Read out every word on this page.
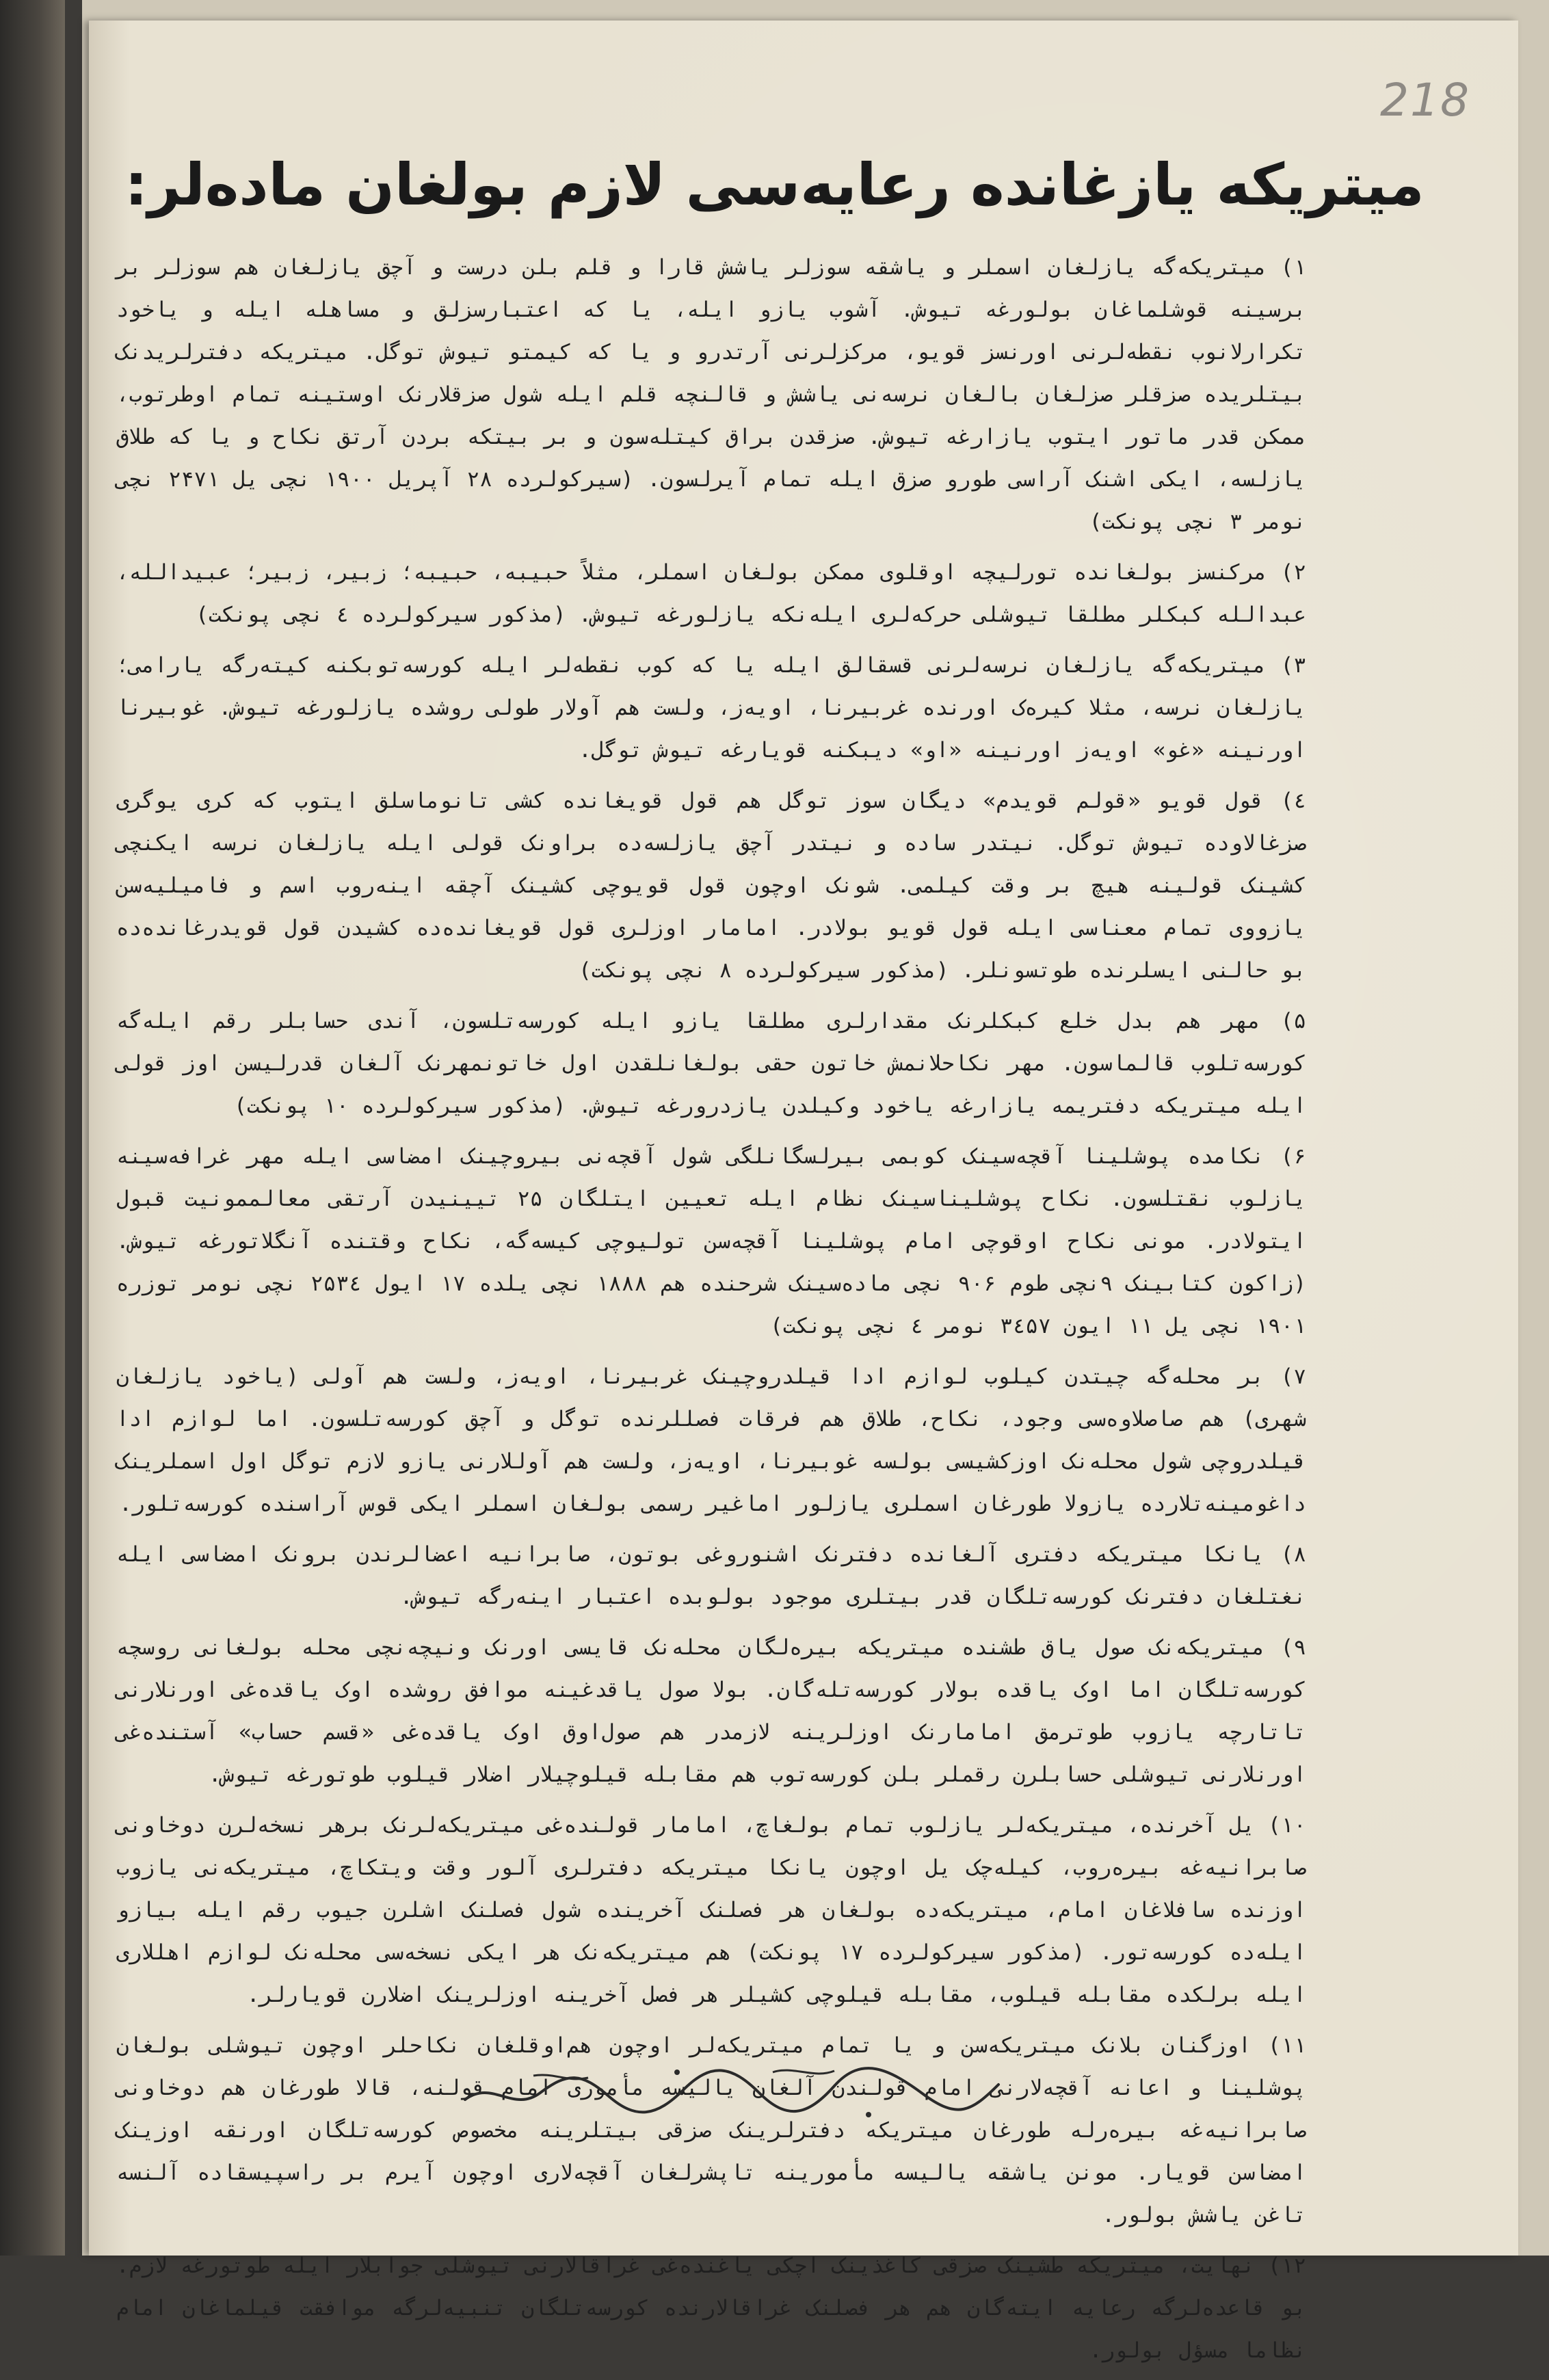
218
میتریکه یازغانده رعایه‌سی لازم بولغان ماده‌لر:

۱) میتریکه‌گه یازلغان اسملر و یاشقه سوزلر یاشش قارا و قلم بلن درست و آچق یازلغان هم سوزلر بر برسینه قوشلماغان بولورغه تیوش. آشوب یازو ایله، یا که اعتبارسزلق و مساهله ایله و یاخود تکرارلانوب نقطه‌لرنی اورنسز قویو، مرکزلرنی آرتدرو و یا که کیمتو تیوش توگل. میتریکه دفترلریدنک بیتلریده صزقلر صزلغان بالغان نرسه‌نی یاشش و قالنچه قلم ایله شول صزقلارنک اوستینه تمام اوطرتوب، ممکن قدر ماتور ایتوب یازارغه تیوش. صزقدن براق کیتله‌سون و بر بیتکه بردن آرتق نکاح و یا که طلاق یازلسه، ایکی اشنک آراسی طورو صزق ایله تمام آیرلسون. (سیرکولرده ۲۸ آپریل ۱۹۰۰ نچی یل ۲۴۷۱ نچی نومر ۳ نچی پونکت)

۲) مرکنسز بولغانده تورلیچه اوقلوی ممکن بولغان اسملر، مثلاً حبیبه، حبیبه؛ زبیر، زبیر؛ عبیدالله، عبدالله کبکلر مطلقا تیوشلی حرکه‌لری ایله‌نکه یازلورغه تیوش. (مذکور سیرکولرده ٤ نچی پونکت)

۳) میتریکه‌گه یازلغان نرسه‌لرنی قسقالق ایله یا که کوب نقطه‌لر ایله کورسه‌توبکنه کیته‌رگه یارامی؛ یازلغان نرسه، مثلا کیره‌ک اورنده غربیرنا، اویه‌ز، ولست هم آولار طولی روشده یازلورغه تیوش. غوبیرنا اورنینه «غو» اویه‌ز اورنینه «او» دیبکنه قویارغه تیوش توگل.

٤) قول قویو «قولم قویدم» دیگان سوز توگل هم قول قویغانده کشی تانوماسلق ایتوب که کری یوگری صزغالاوده تیوش توگل. نیتدر ساده و نیتدر آچق یازلسه‌ده براونک قولی ایله یازلغان نرسه ایکنچی کشینک قولینه هیچ بر وقت کیلمی. شونک اوچون قول قویوچی کشینک آچقه اینه‌روب اسم و فامیلیه‌سن یازووی تمام معناسی ایله قول قویو بولادر. امامار اوزلری قول قویغانده‌ده کشیدن قول قویدرغانده‌ده بو حالنی ایسلرنده طوتسونلر. (مذکور سیرکولرده ۸ نچی پونکت)

۵) مهر هم بدل خلع کبکلرنک مقدارلری مطلقا یازو ایله کورسه‌تلسون، آندی حسابلر رقم ایله‌گه کورسه‌تلوب قالماسون. مهر نکاحلانمش خاتون حقی بولغانلقدن اول خاتونمهرنک آلغان قدرلیسن اوز قولی ایله میتریکه دفتریمه یازارغه یاخود وکیلدن یازدرورغه تیوش. (مذکور سیرکولرده ۱۰ پونکت)

۶) نکامده پوشلینا آقچه‌سینک کوبمی بیرلسگانلگی شول آقچه‌نی بیروچینک امضاسی ایله مهر غرافه‌سینه یازلوب نقتلسون. نکاح پوشلیناسینک نظام ایله تعیین ایتلگان ۲۵ تیینیدن آرتقی معالممونیت قبول ایتولادر. مونی نکاح اوقوچی امام پوشلینا آقچه‌سن تولیوچی کیسه‌گه، نکاح وقتنده آنگلاتورغه تیوش. (زاکون کتابینک ۹نچی طوم ۹۰۶ نچی ماده‌سینک شرحنده هم ۱۸۸۸ نچی یلده ۱۷ ایول ۲۵۳٤ نچی نومر توزره ۱۹۰۱ نچی یل ۱۱ ایون ۳٤۵۷ نومر ٤ نچی پونکت)

۷) بر محله‌گه چیتدن کیلوب لوازم ادا قیلدروچینک غربیرنا، اویه‌ز، ولست هم آولی (یاخود یازلغان شهری) هم صاصلاوه‌سی وجود، نکاح، طلاق هم فرقات فصللرنده توگل و آچق کورسه‌تلسون. اما لوازم ادا قیلدروچی شول محله‌نک اوزکشیسی بولسه غوبیرنا، اویه‌ز، ولست هم آوللارنی یازو لازم توگل اول اسملرینک داغومینه‌تلارده یازولا طورغان اسملری یازلور اماغیر رسمی بولغان اسملر ایکی قوس آراسنده کورسه‌تلور.

۸) یانکا میتریکه دفتری آلغانده دفترنک اشنوروغی بوتون، صابرانیه اعضالرندن برونک امضاسی ایله نغتلغان دفترنک کورسه‌تلگان قدر بیتلری موجود بولوبده اعتبار اینه‌رگه تیوش.

۹) میتریکه‌نک صول یاق طشنده میتریکه بیره‌لگان محله‌نک قایسی اورنک ونیچه‌نچی محله بولغانی روسچه کورسه‌تلگان اما اوک یاقده بولار کورسه‌تله‌گان. بولا صول یاقدغینه موافق روشده اوک یاقده‌غی اورنلارنی تاتارچه یازوب طوترمق امامارنک اوزلرینه لازمدر هم صول‌اوق اوک یاقده‌غی «قسم حساب» آستنده‌غی اورنلارنی تیوشلی حسابلرن رقملر بلن کورسه‌توب هم مقابله قیلوچیلار اضلار قیلوب طوتورغه تیوش.

۱۰) یل آخرنده، میتریکه‌لر یازلوب تمام بولغاچ، امامار قولنده‌غی میتریکه‌لرنک برهر نسخه‌لرن دوخاونی صابرانیه‌غه بیره‌روب، کیله‌چک یل اوچون یانکا میتریکه دفترلری آلور وقت ویتکاچ، میتریکه‌نی یازوب اوزنده سافلاغان امام، میتریکه‌ده بولغان هر فصلنک آخرینده شول فصلنک اشلرن جیوب رقم ایله بیازو ایله‌ده کورسه‌تور. (مذکور سیرکولرده ۱۷ پونکت) هم میتریکه‌نک هر ایکی نسخه‌سی محله‌نک لوازم اهللاری ایله برلکده مقابله قیلوب، مقابله قیلوچی کشیلر هر فصل آخرینه اوزلرینک اضلارن قویارلر.

۱۱) اوزگنان بلانک میتریکه‌سن و یا تمام میتریکه‌لر اوچون هم‌اوقلغان نکاحلر اوچون تیوشلی بولغان پوشلینا و اعانه آقچه‌لارنی امام قولندن آلغان یالیسه مأموری امام قولنه، قالا طورغان هم دوخاونی صابرانیه‌غه بیره‌رله طورغان میتریکه دفترلرینک صزقی بیتلرینه مخصوص کورسه‌تلگان اورنقه اوزینک امضاسن قویار. مونن یاشقه یالیسه مأمورینه تاپشرلغان آقچه‌لاری اوچون آیرم بر راسپیسقاده آلنسه تاغن یاشش بولور.

۱۲) نهایت، میتریکه طشینک صزقی کاغذینک اچکی یاغنده‌غی غراقالارنی تیوشلی جوابلار ایله طوتورغه لازم. بو قاعده‌لرگه رعایه ایته‌گان هم هر فصلنک غراقالارنده کورسه‌تلگان تنبیه‌لرگه موافقت قیلماغان امام نظاما مسؤل بولور.
